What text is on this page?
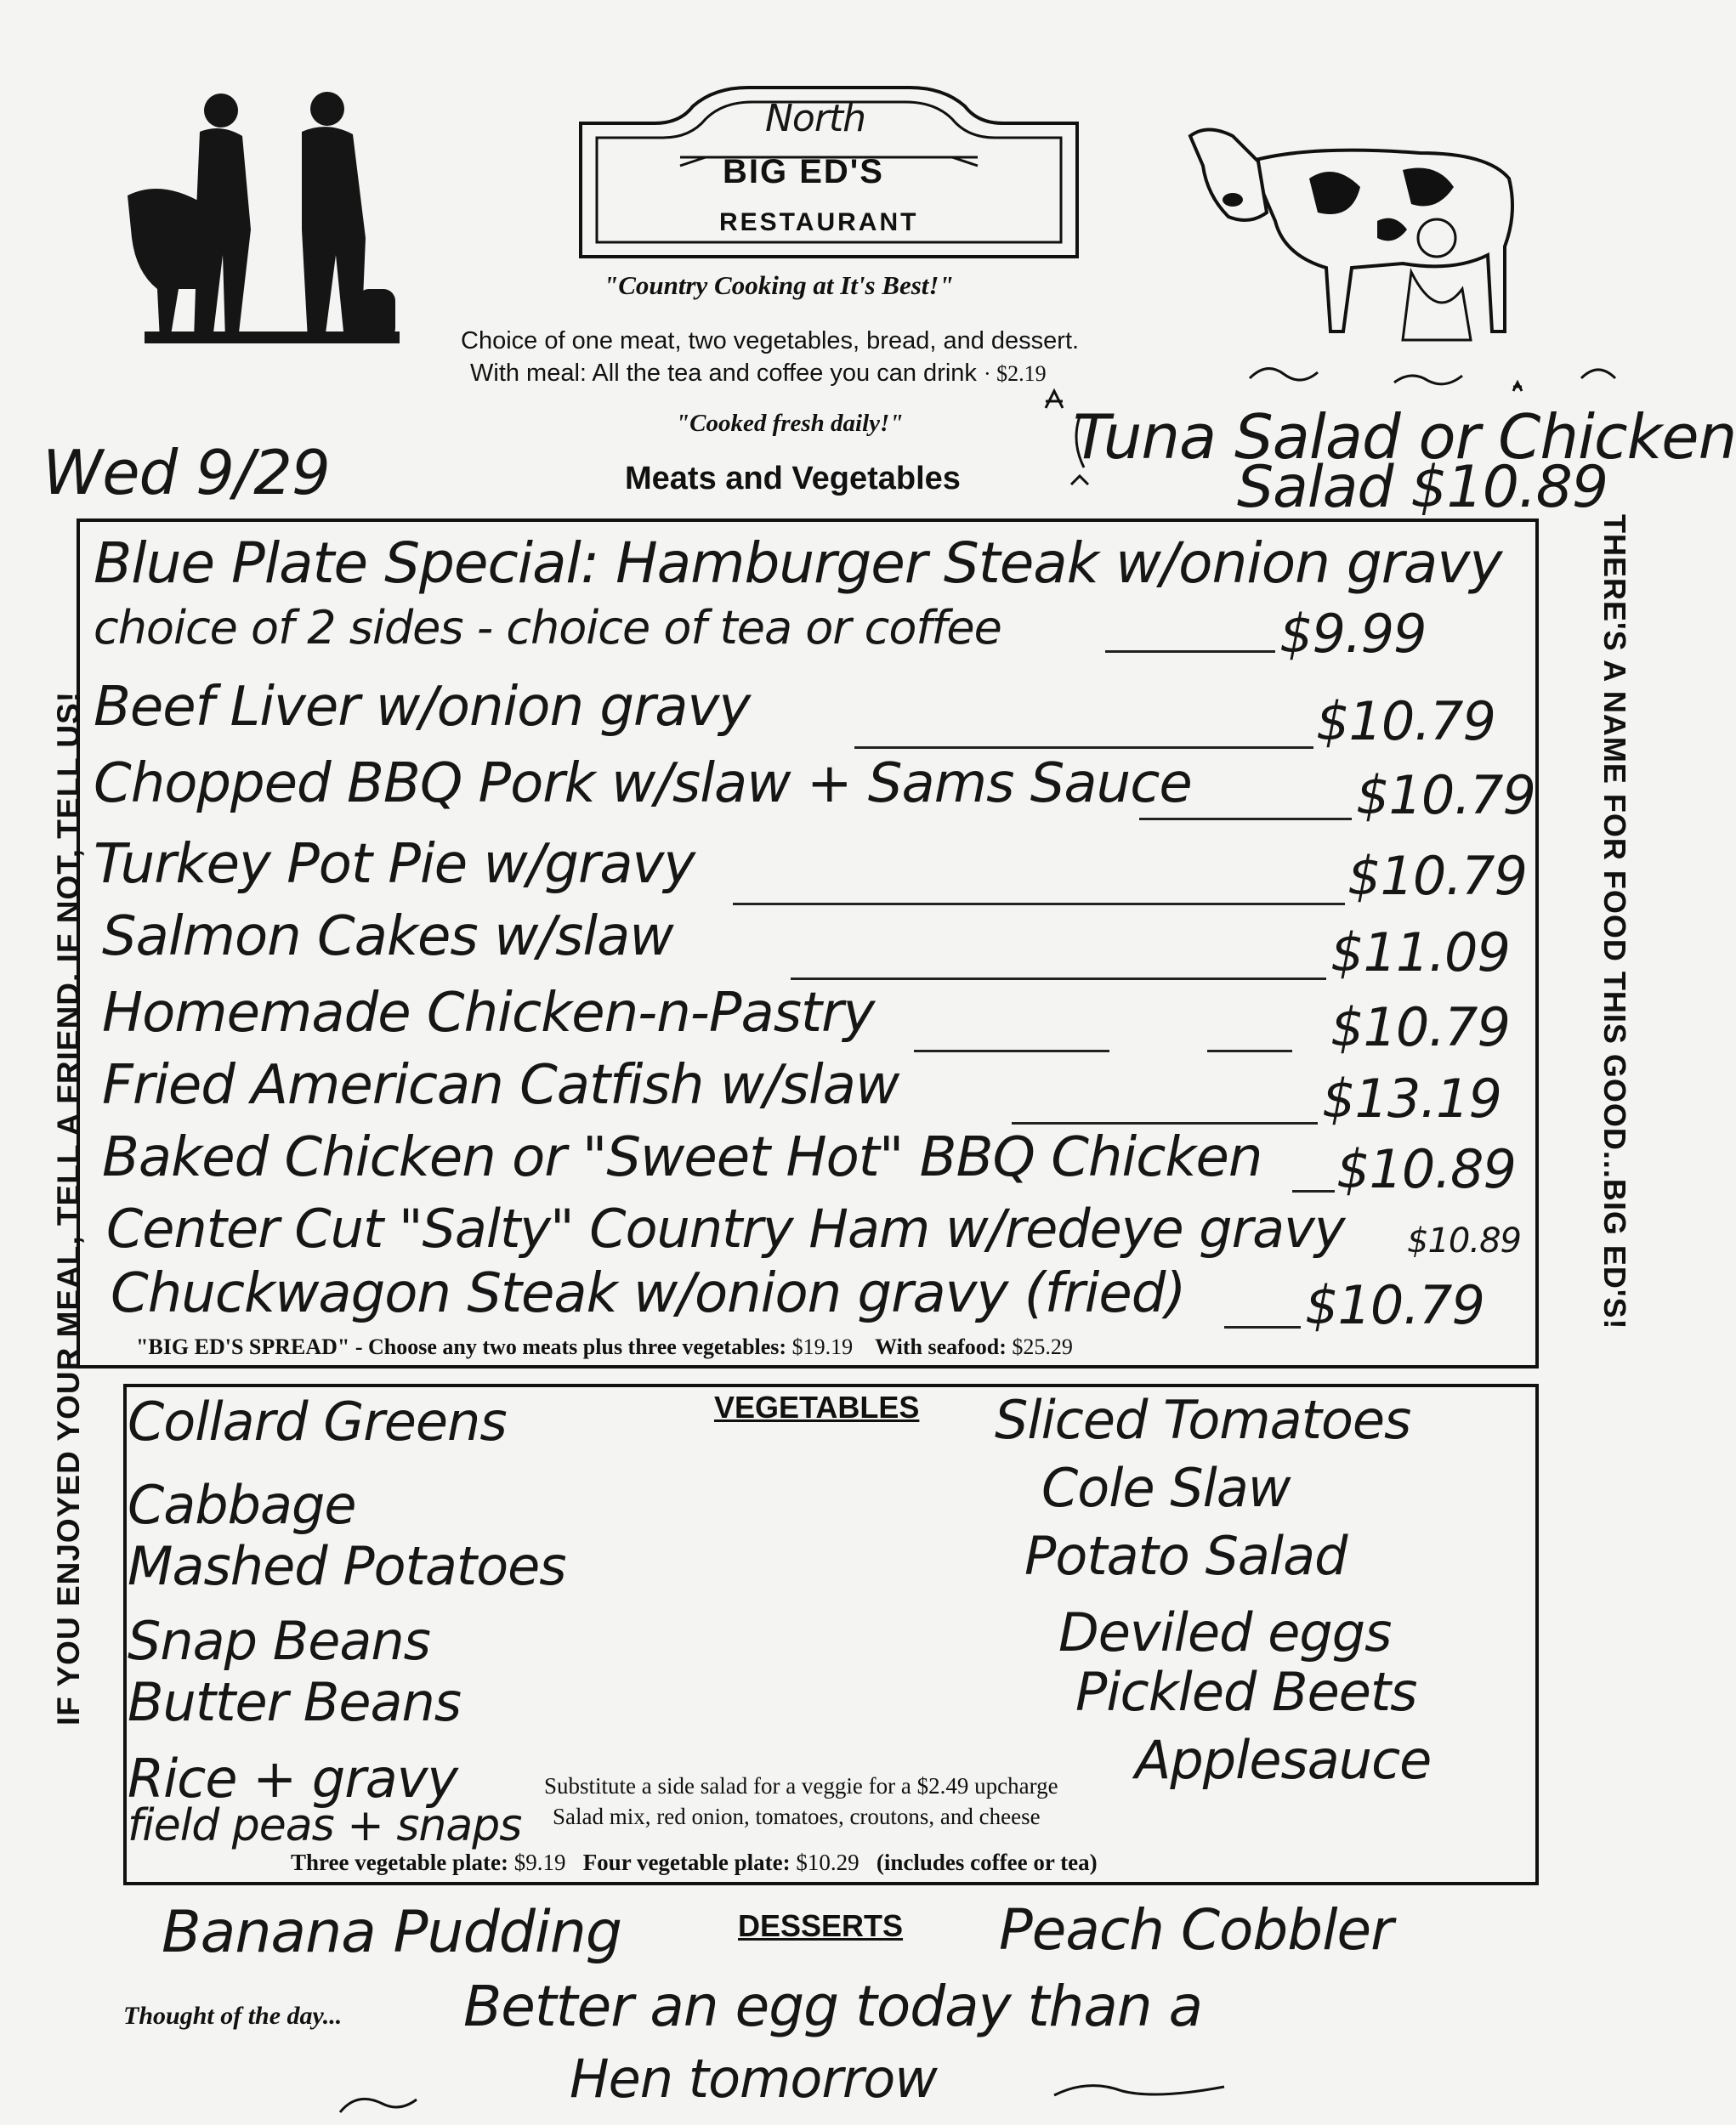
North
BIG ED'S
RESTAURANT
"Country Cooking at It's Best!"
Choice of one meat, two vegetables, bread, and dessert.
With meal: All the tea and coffee you can drink · $2.19
"Cooked fresh daily!"
Wed 9/29	Meats and Vegetables
Tuna Salad or Chicken
Salad $10.89
IF YOU ENJOYED YOUR MEAL, TELL A FRIEND. IF NOT, TELL US!	THERE'S A NAME FOR FOOD THIS GOOD...BIG ED'S!
Blue Plate Special: Hamburger Steak w/onion gravy
choice of 2 sides - choice of tea or coffee	$9.99
Beef Liver w/onion gravy	$10.79
Chopped BBQ Pork w/slaw + Sams Sauce	$10.79
Turkey Pot Pie w/gravy	$10.79
Salmon Cakes w/slaw	$11.09
Homemade Chicken-n-Pastry	$10.79
Fried American Catfish w/slaw	$13.19
Baked Chicken or "Sweet Hot" BBQ Chicken $10.89
Center Cut "Salty" Country Ham w/redeye gravy $10.89
Chuckwagon Steak w/onion gravy (fried) $10.79
"BIG ED'S SPREAD" - Choose any two meats plus three vegetables: $19.19 With seafood: $25.29
VEGETABLES
Collard Greens
Cabbage
Mashed Potatoes
Snap Beans
Butter Beans
Rice + gravy
field peas + snaps
Sliced Tomatoes
Cole Slaw
Potato Salad
Deviled eggs
Pickled Beets
Applesauce
Substitute a side salad for a veggie for a $2.49 upcharge
Salad mix, red onion, tomatoes, croutons, and cheese
Three vegetable plate: $9.19 Four vegetable plate: $10.29 (includes coffee or tea)
DESSERTS
Banana Pudding	Peach Cobbler
Thought of the day... Better an egg today than a
Hen tomorrow
